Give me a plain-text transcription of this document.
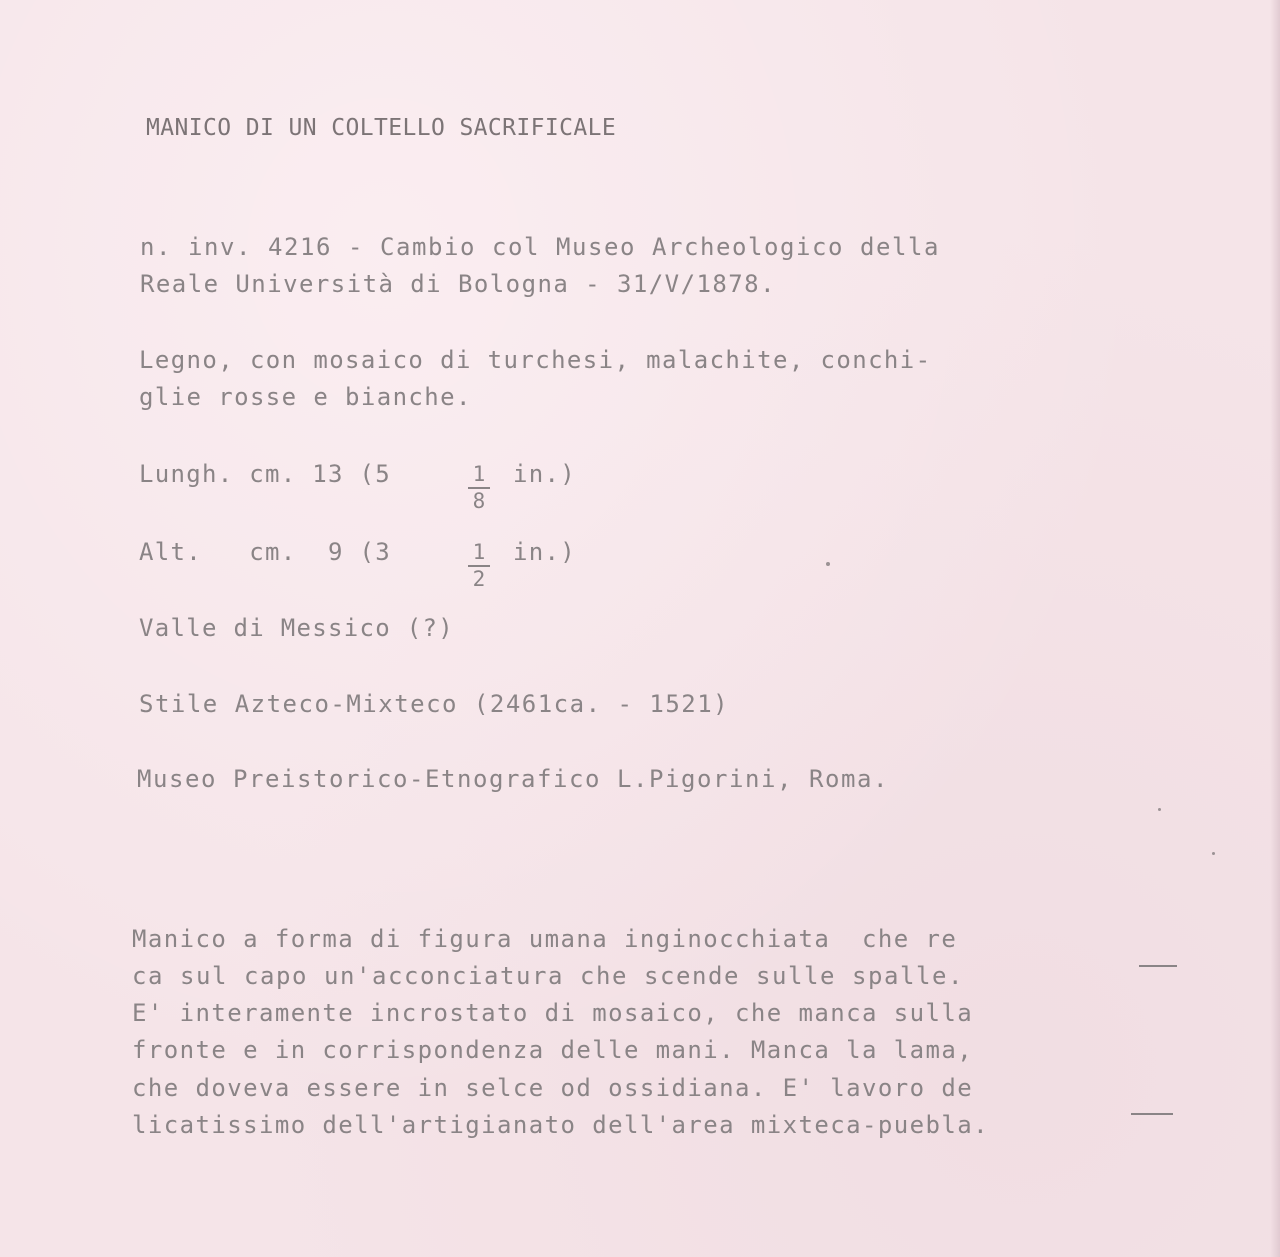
MANICO DI UN COLTELLO SACRIFICALE

n. inv. 4216 - Cambio col Museo Archeologico della

Reale Università di Bologna - 31/V/1878.

Legno, con mosaico di turchesi, malachite, conchi-

glie rosse e bianche.

Lungh. cm. 13 (5	$\frac{1}{8} in$.)

Alt.   cm.  9 (3	$\frac{1}{2} in$.)

Valle di Messico (?)

Stile Azteco-Mixteco (2461ca. - 1521)

Museo Preistorico-Etnografico L.Pigorini, Roma.

Manico a forma di figura umana inginocchiata  che re

ca sul capo un'acconciatura che scende sulle spalle.

E' interamente incrostato di mosaico, che manca sulla

fronte e in corrispondenza delle mani. Manca la lama,

che doveva essere in selce od ossidiana. E' lavoro de

licatissimo dell'artigianato dell'area mixteca-puebla.
